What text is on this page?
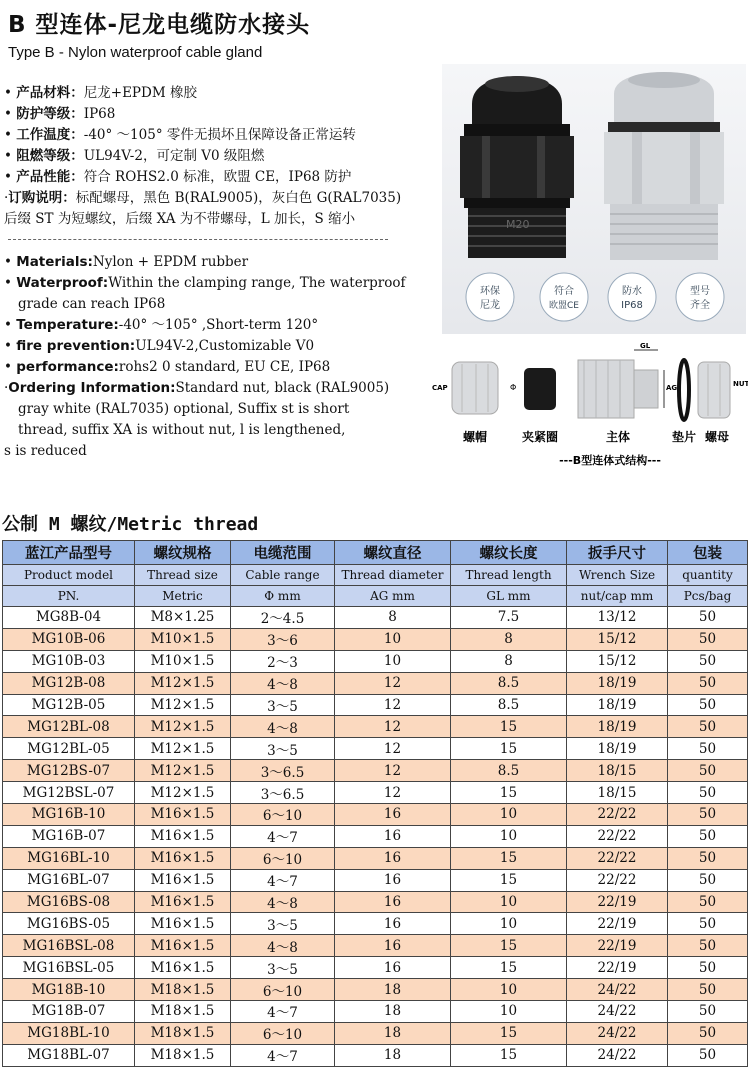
B 型连体-尼龙电缆防水接头
Type B - Nylon waterproof cable gland
• 产品材料：尼龙+EPDM 橡胶
• 防护等级：IP68
• 工作温度：-40° ～105° 零件无损坏且保障设备正常运转
• 阻燃等级：UL94V-2，可定制 V0 级阻燃
• 产品性能：符合 ROHS2.0 标准，欧盟 CE，IP68 防护
·订购说明：标配螺母，黑色 B(RAL9005)，灰白色 G(RAL7035)
后缀 ST 为短螺纹，后缀 XA 为不带螺母，L 加长，S 缩小
• Materials:Nylon + EPDM rubber
• Waterproof:Within the clamping range, The waterproof
grade can reach IP68
• Temperature:-40° ～105° ,Short-term 120°
• fire prevention:UL94V-2,Customizable V0
• performance:rohs2 0 standard, EU CE, IP68
·Ordering Information:Standard nut, black (RAL9005)
gray white (RAL7035) optional, Suffix st is short
thread, suffix XA is without nut, l is lengthened,
s is reduced
M20
环保
尼龙
符合
欧盟CE
防水
IP68
型号
齐全
CAP	Φ
GL
AG	NUT
螺帽	夹紧圈	主体	垫片 螺母
---B型连体式结构---
公制 M 螺纹/Metric thread
蓝江产品型号	螺纹规格	电缆范围	螺纹直径	螺纹长度	扳手尺寸	包装
Product model	Thread size	Cable range	Thread diameter	Thread length	Wrench Size	quantity
PN.	Metric	Φ mm	AG mm	GL mm	nut/cap mm	Pcs/bag
MG8B-04	M8×1.25	2～4.5	8	7.5	13/12	50
MG10B-06	M10×1.5	3～6	10	8	15/12	50
MG10B-03	M10×1.5	2～3	10	8	15/12	50
MG12B-08	M12×1.5	4～8	12	8.5	18/19	50
MG12B-05	M12×1.5	3～5	12	8.5	18/19	50
MG12BL-08	M12×1.5	4～8	12	15	18/19	50
MG12BL-05	M12×1.5	3～5	12	15	18/19	50
MG12BS-07	M12×1.5	3～6.5	12	8.5	18/15	50
MG12BSL-07	M12×1.5	3～6.5	12	15	18/15	50
MG16B-10	M16×1.5	6～10	16	10	22/22	50
MG16B-07	M16×1.5	4～7	16	10	22/22	50
MG16BL-10	M16×1.5	6～10	16	15	22/22	50
MG16BL-07	M16×1.5	4～7	16	15	22/22	50
MG16BS-08	M16×1.5	4～8	16	10	22/19	50
MG16BS-05	M16×1.5	3～5	16	10	22/19	50
MG16BSL-08	M16×1.5	4～8	16	15	22/19	50
MG16BSL-05	M16×1.5	3～5	16	15	22/19	50
MG18B-10	M18×1.5	6～10	18	10	24/22	50
MG18B-07	M18×1.5	4～7	18	10	24/22	50
MG18BL-10	M18×1.5	6～10	18	15	24/22	50
MG18BL-07	M18×1.5	4～7	18	15	24/22	50
